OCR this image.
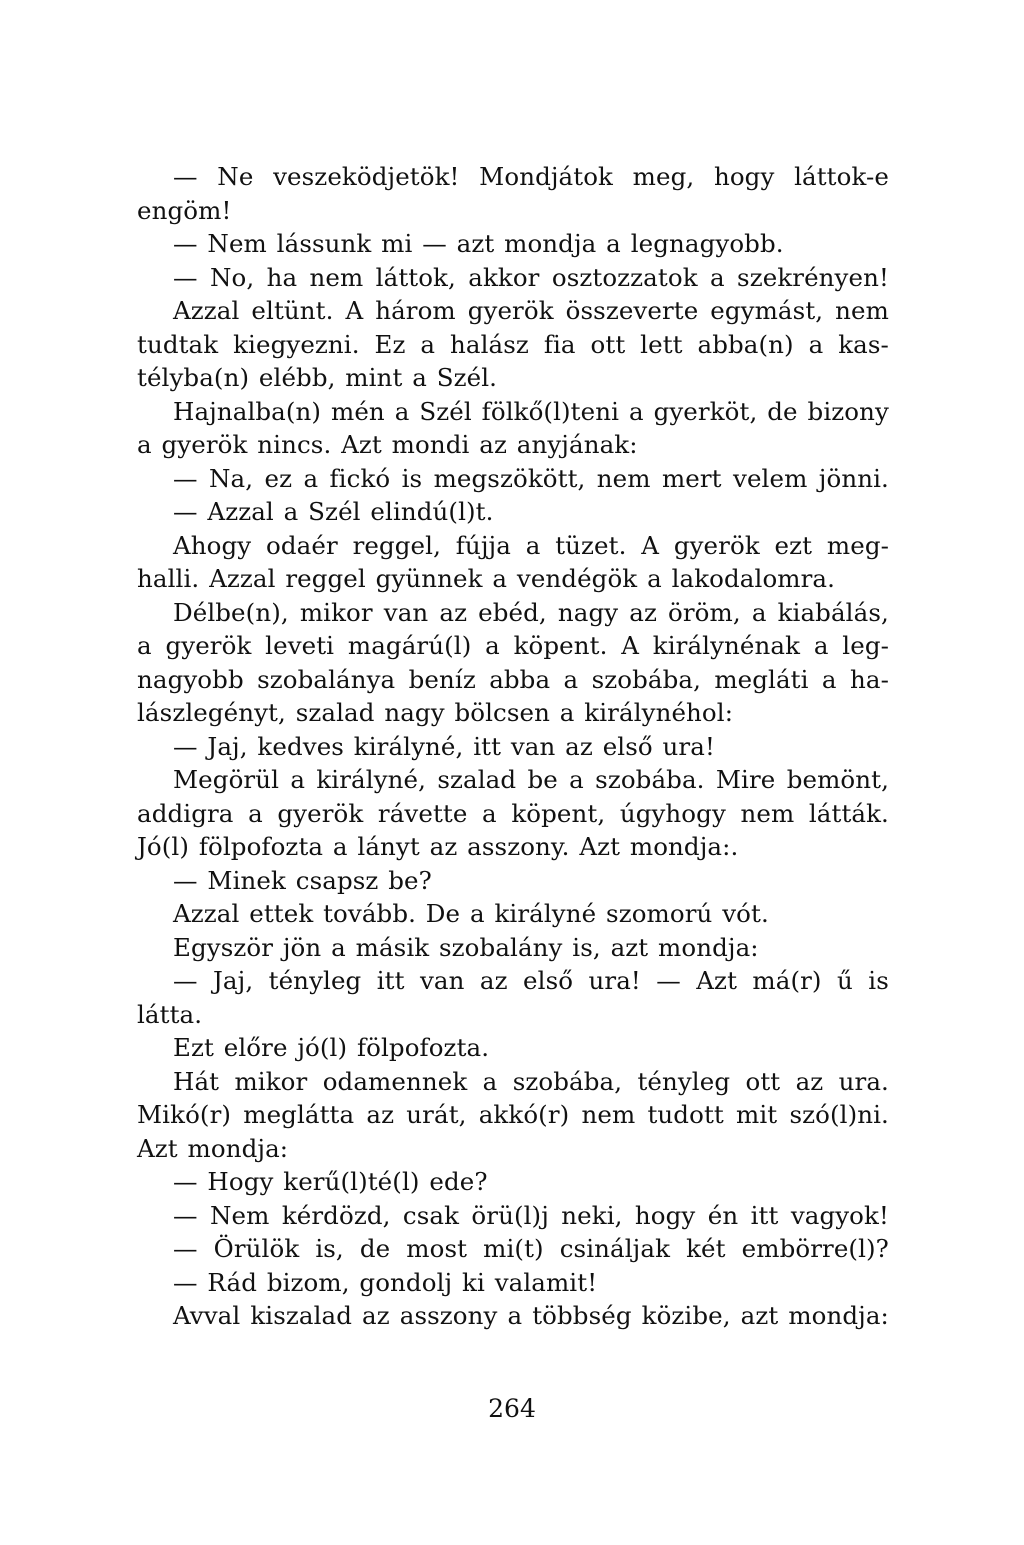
— Ne veszeködjetök! Mondjátok meg, hogy láttok-e
engöm!
— Nem lássunk mi — azt mondja a legnagyobb.
— No, ha nem láttok, akkor osztozzatok a szekrényen!
Azzal eltünt. A három gyerök összeverte egymást, nem
tudtak kiegyezni. Ez a halász fia ott lett abba(n) a kas-
télyba(n) elébb, mint a Szél.
Hajnalba(n) mén a Szél fölkő(l)teni a gyerköt, de bizony
a gyerök nincs. Azt mondi az anyjának:
— Na, ez a fickó is megszökött, nem mert velem jönni.
— Azzal a Szél elindú(l)t.
Ahogy odaér reggel, fújja a tüzet. A gyerök ezt meg-
halli. Azzal reggel gyünnek a vendégök a lakodalomra.
Délbe(n), mikor van az ebéd, nagy az öröm, a kiabálás,
a gyerök leveti magárú(l) a köpent. A királynénak a leg-
nagyobb szobalánya beníz abba a szobába, megláti a ha-
lászlegényt, szalad nagy bölcsen a királynéhol:
— Jaj, kedves királyné, itt van az első ura!
Megörül a királyné, szalad be a szobába. Mire bemönt,
addigra a gyerök rávette a köpent, úgyhogy nem látták.
Jó(l) fölpofozta a lányt az asszony. Azt mondja:.
— Minek csapsz be?
Azzal ettek tovább. De a királyné szomorú vót.
Egyször jön a másik szobalány is, azt mondja:
— Jaj, tényleg itt van az első ura! — Azt má(r) ű is
látta.
Ezt előre jó(l) fölpofozta.
Hát mikor odamennek a szobába, tényleg ott az ura.
Mikó(r) meglátta az urát, akkó(r) nem tudott mit szó(l)ni.
Azt mondja:
— Hogy kerű(l)té(l) ede?
— Nem kérdözd, csak örü(l)j neki, hogy én itt vagyok!
— Örülök is, de most mi(t) csináljak két embörre(l)?
— Rád bizom, gondolj ki valamit!
Avval kiszalad az asszony a többség közibe, azt mondja:
264
